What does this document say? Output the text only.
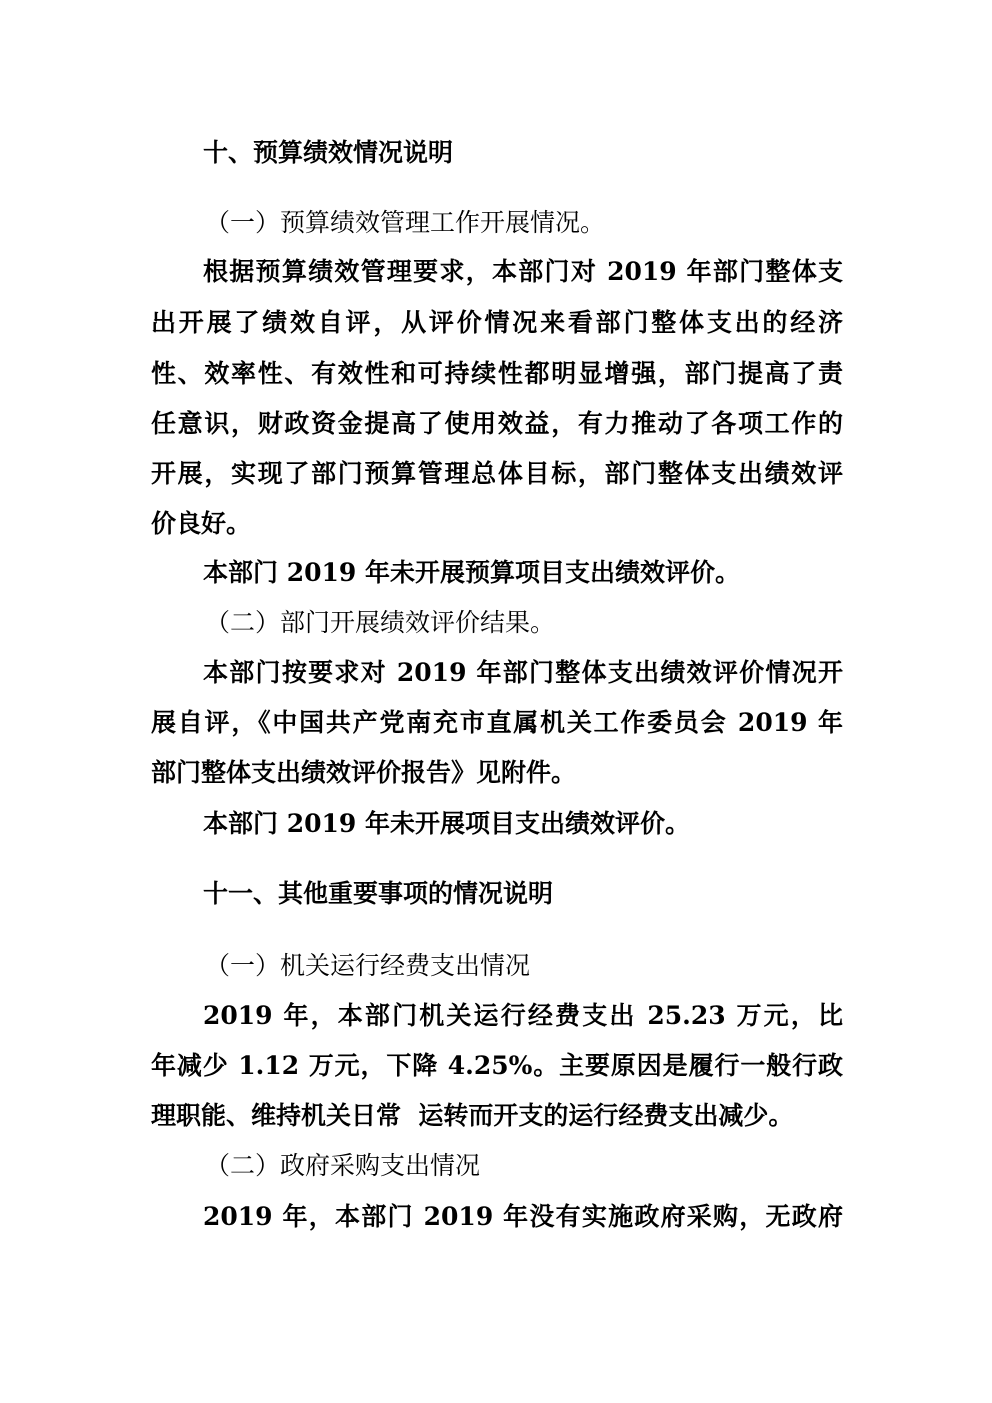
十、预算绩效情况说明

（一）预算绩效管理工作开展情况。

根据预算绩效管理要求，本部门对 2019 年部门整体支

出开展了绩效自评，从评价情况来看部门整体支出的经济

性、效率性、有效性和可持续性都明显增强，部门提高了责

任意识，财政资金提高了使用效益，有力推动了各项工作的

开展，实现了部门预算管理总体目标，部门整体支出绩效评

价良好。

本部门 2019 年未开展预算项目支出绩效评价。

（二）部门开展绩效评价结果。

本部门按要求对 2019 年部门整体支出绩效评价情况开

展自评，《中国共产党南充市直属机关工作委员会 2019 年

部门整体支出绩效评价报告》见附件。

本部门 2019 年未开展项目支出绩效评价。

十一、其他重要事项的情况说明

（一）机关运行经费支出情况

2019 年，本部门机关运行经费支出 25.23 万元，比

年减少 1.12 万元，下降 4.25%。主要原因是履行一般行政

理职能、维持机关日常  运转而开支的运行经费支出减少。

（二）政府采购支出情况

2019 年，本部门 2019 年没有实施政府采购，无政府
